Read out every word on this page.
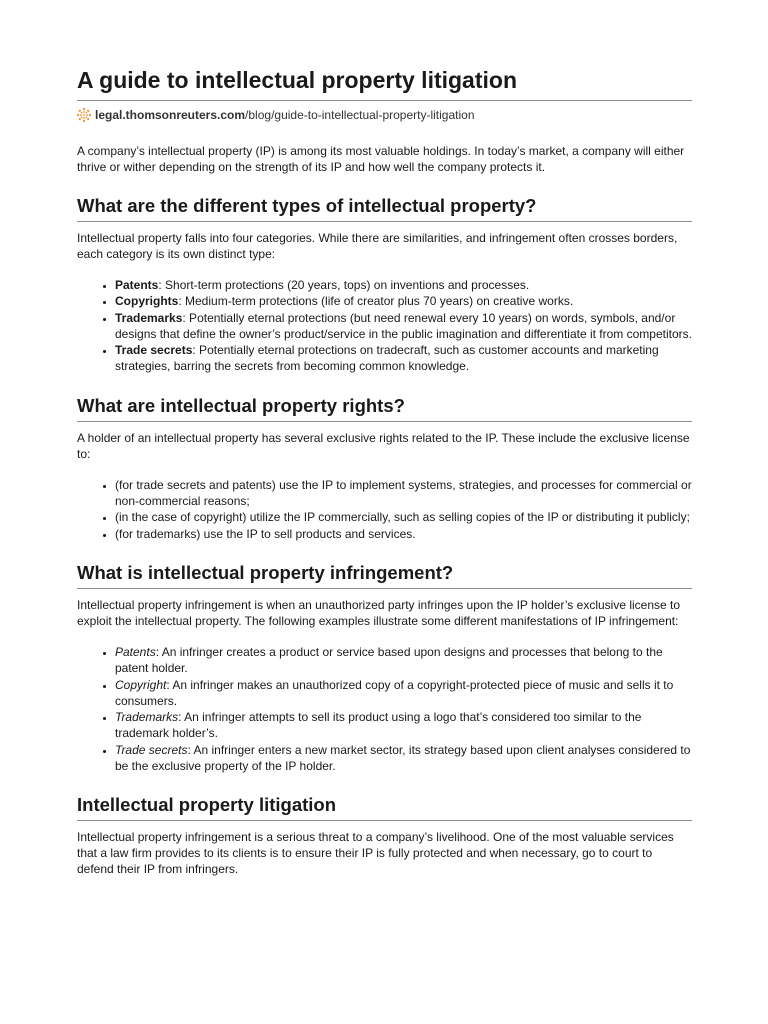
A guide to intellectual property litigation
legal.thomsonreuters.com /blog/guide-to-intellectual-property-litigation

A company’s intellectual property (IP) is among its most valuable holdings. In today’s market, a company will either thrive or wither depending on the strength of its IP and how well the company protects it.

What are the different types of intellectual property?

Intellectual property falls into four categories. While there are similarities, and infringement often crosses borders, each category is its own distinct type:

• Patents: Short-term protections (20 years, tops) on inventions and processes.
• Copyrights: Medium-term protections (life of creator plus 70 years) on creative works.
• Trademarks: Potentially eternal protections (but need renewal every 10 years) on words, symbols, and/or designs that define the owner’s product/service in the public imagination and differentiate it from competitors.
• Trade secrets: Potentially eternal protections on tradecraft, such as customer accounts and marketing strategies, barring the secrets from becoming common knowledge.
What are intellectual property rights?

A holder of an intellectual property has several exclusive rights related to the IP. These include the exclusive license to:

• (for trade secrets and patents) use the IP to implement systems, strategies, and processes for commercial or non-commercial reasons;
• (in the case of copyright) utilize the IP commercially, such as selling copies of the IP or distributing it publicly;
• (for trademarks) use the IP to sell products and services.
What is intellectual property infringement?

Intellectual property infringement is when an unauthorized party infringes upon the IP holder’s exclusive license to exploit the intellectual property. The following examples illustrate some different manifestations of IP infringement:

• Patents: An infringer creates a product or service based upon designs and processes that belong to the patent holder.
• Copyright: An infringer makes an unauthorized copy of a copyright-protected piece of music and sells it to consumers.
• Trademarks: An infringer attempts to sell its product using a logo that’s considered too similar to the trademark holder’s.
• Trade secrets: An infringer enters a new market sector, its strategy based upon client analyses considered to be the exclusive property of the IP holder.
Intellectual property litigation

Intellectual property infringement is a serious threat to a company’s livelihood. One of the most valuable services that a law firm provides to its clients is to ensure their IP is fully protected and when necessary, go to court to defend their IP from infringers.
